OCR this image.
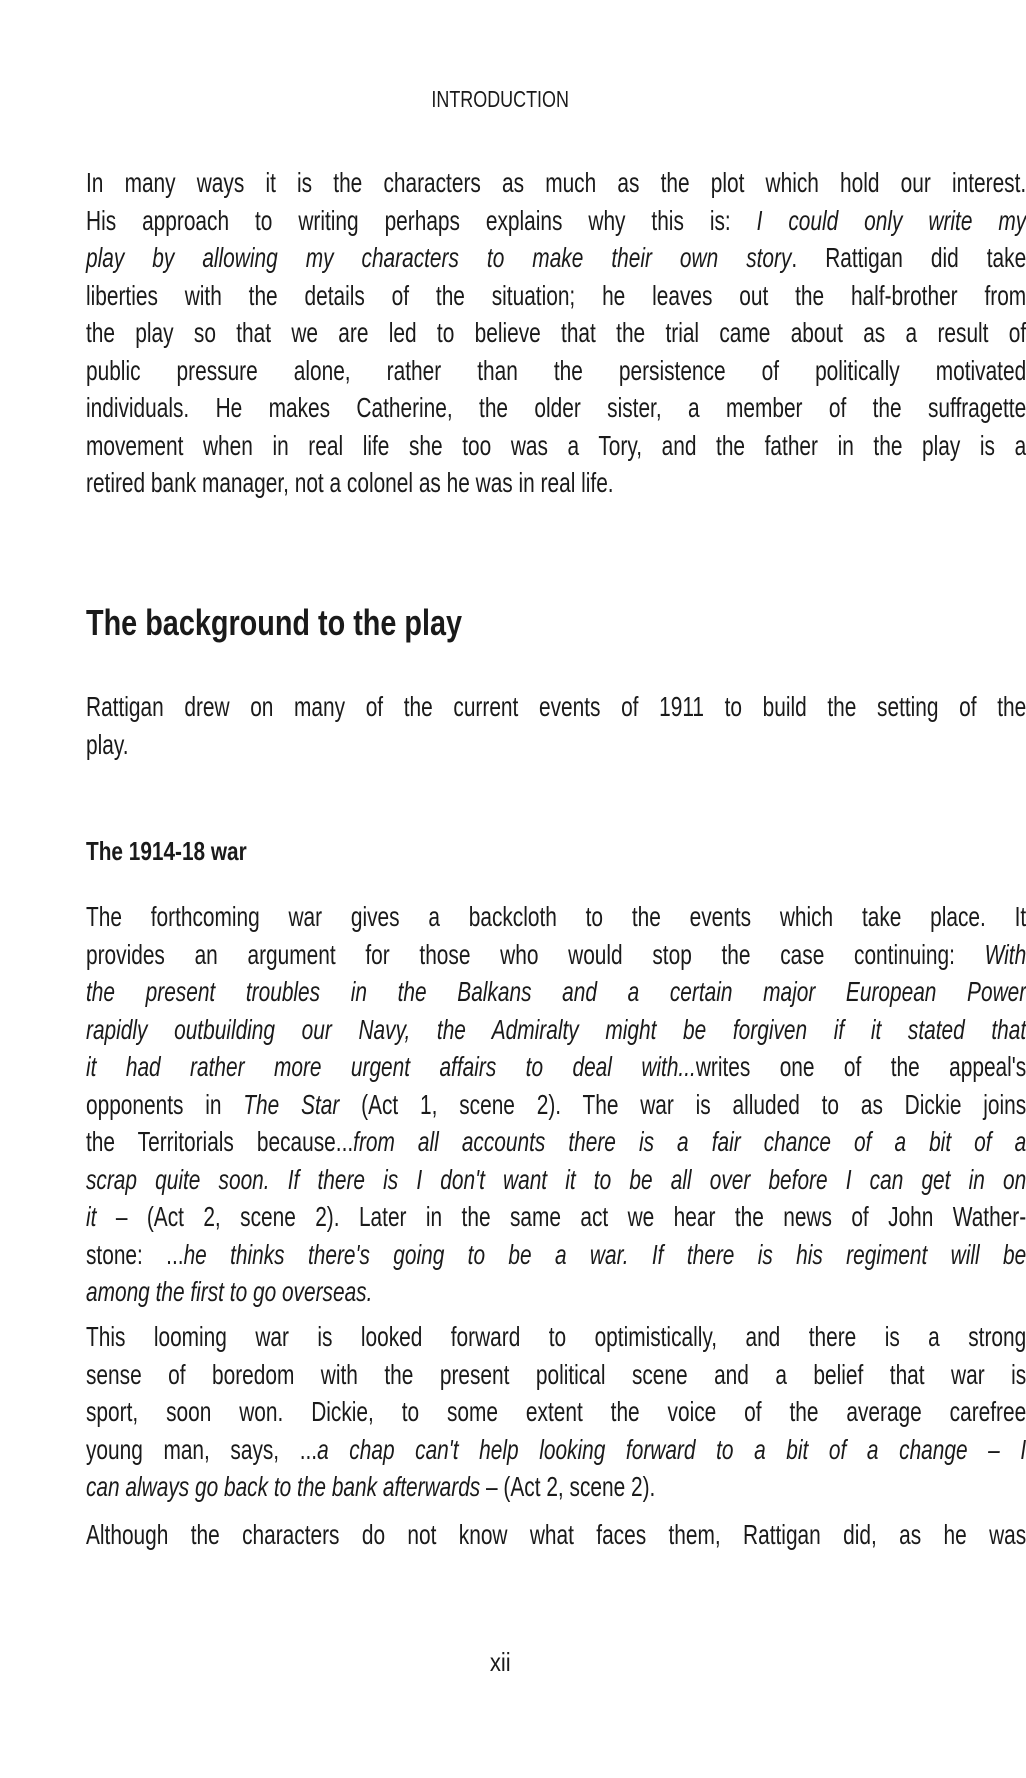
INTRODUCTION
In many ways it is the characters as much as the plot which hold our interest.
His approach to writing perhaps explains why this is: I could only write my
play by allowing my characters to make their own story. Rattigan did take
liberties with the details of the situation; he leaves out the half-brother from
the play so that we are led to believe that the trial came about as a result of
public pressure alone, rather than the persistence of politically motivated
individuals. He makes Catherine, the older sister, a member of the suffragette
movement when in real life she too was a Tory, and the father in the play is a
retired bank manager, not a colonel as he was in real life.
The background to the play
Rattigan drew on many of the current events of 1911 to build the setting of the
play.
The 1914-18 war
The forthcoming war gives a backcloth to the events which take place. It
provides an argument for those who would stop the case continuing: With
the present troubles in the Balkans and a certain major European Power
rapidly outbuilding our Navy, the Admiralty might be forgiven if it stated that
it had rather more urgent affairs to deal with...writes one of the appeal's
opponents in The Star (Act 1, scene 2). The war is alluded to as Dickie joins
the Territorials because...from all accounts there is a fair chance of a bit of a
scrap quite soon. If there is I don't want it to be all over before I can get in on
it – (Act 2, scene 2). Later in the same act we hear the news of John Wather-
stone: ...he thinks there's going to be a war. If there is his regiment will be
among the first to go overseas.
This looming war is looked forward to optimistically, and there is a strong
sense of boredom with the present political scene and a belief that war is
sport, soon won. Dickie, to some extent the voice of the average carefree
young man, says, ...a chap can't help looking forward to a bit of a change – I
can always go back to the bank afterwards – (Act 2, scene 2).
Although the characters do not know what faces them, Rattigan did, as he was
xii
